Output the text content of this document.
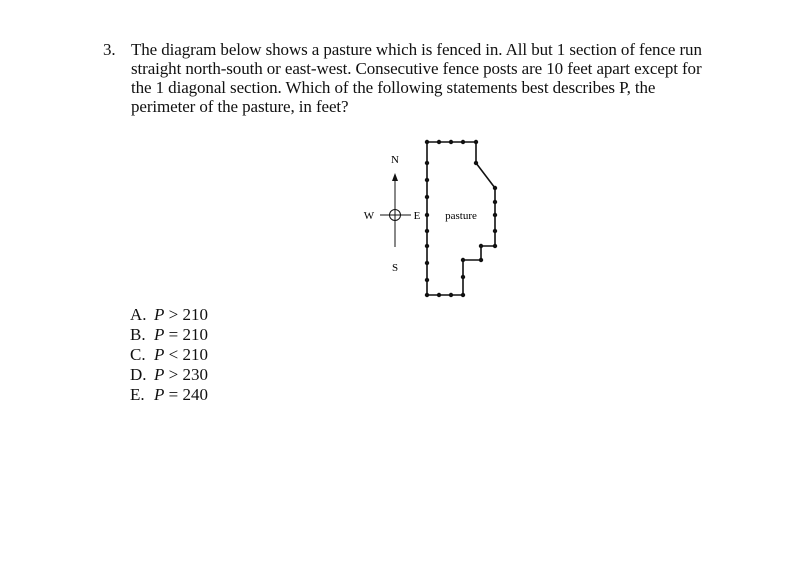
3. The diagram below shows a pasture which is fenced in. All but 1 section of fence run
straight north-south or east-west. Consecutive fence posts are 10 feet apart except for
the 1 diagonal section. Which of the following statements best describes P, the
perimeter of the pasture, in feet?
N
W	E
S
pasture
A. P > 210
B. P = 210
C. P < 210
D. P > 230
E. P = 240
